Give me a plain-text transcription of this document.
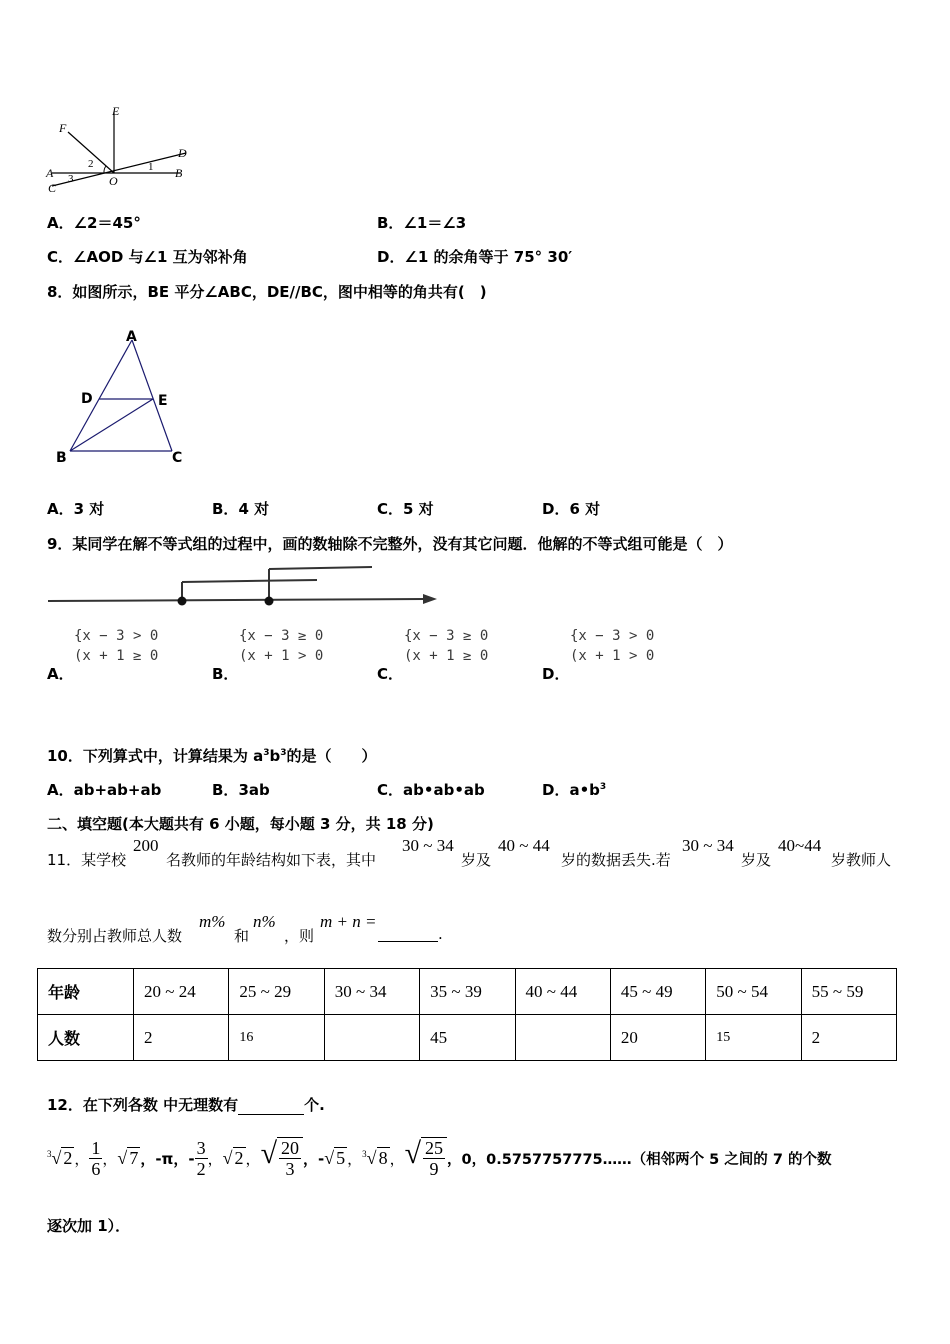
E
F
D
A
C
B
O
1
2
3
A．∠2＝45°	B．∠1＝∠3
C．∠AOD 与∠1 互为邻补角	D．∠1 的余角等于 75° 30′
8．如图所示，BE 平分∠ABC，DE//BC，图中相等的角共有(　)
A
D	E
B	C
A．3 对	B．4 对	C．5 对	D．6 对
9．某同学在解不等式组的过程中，画的数轴除不完整外，没有其它问题．他解的不等式组可能是（　）
A．
{x − 3 > 0
(x + 1 ≥ 0
B．
{x − 3 ≥ 0
(x + 1 > 0
C．
{x − 3 ≥ 0
(x + 1 ≥ 0
D．
{x − 3 > 0
(x + 1 > 0
10．下列算式中，计算结果为 $a^3b^3$的是（　　）
A．ab+ab+ab	B．3ab	C．ab•ab•ab	D．$a•b^3$
二、填空题(本大题共有 6 小题，每小题 3 分，共 18 分)
11．某学校
200
名教师的年龄结构如下表，其中
30 ~ 34
岁及
40 ~ 44
岁的数据丢失.若
30 ~ 34
岁及
40~44
岁教师人
数分别占教师总人数
m%
和
n%
，则
m + n =
.
年龄	20 ~ 24	25 ~ 29	30 ~ 34	35 ~ 39	40 ~ 44	45 ~ 49	50 ~ 54	55 ~ 59
人数	2	16		45		20	15	2
12．在下列各数 中无理数有	个.
$^3$√ 2 ， $\frac{1}{6}$ ， √ 7 ，-π，- $\frac{3}{2}$ ， √ 2 ， √ $\frac{20}{3}$ ，- √ 5 ， $^3$√ 8 ， √ $\frac{25}{9}$ ，0，0.5757757775……（相邻两个 5 之间的 7 的个数
逐次加 1）．
